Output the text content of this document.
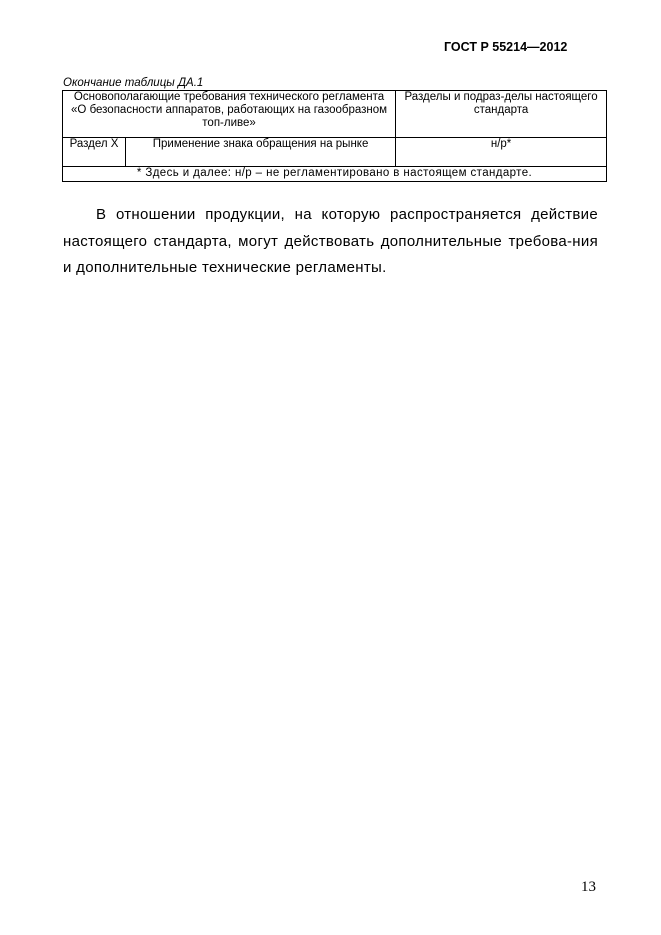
ГОСТ Р 55214—2012
Окончание таблицы ДА.1
Основополагающие требования технического регламента «О безопасности аппаратов, работающих на газообразном топ-ливе»		Разделы и подраз-делы настоящего стандарта
Раздел X	Применение знака обращения на рынке	н/р*
* Здесь и далее: н/р – не регламентировано в настоящем стандарте.		

В отношении продукции, на которую распространяется действие настоящего стандарта, могут действовать дополнительные требова-ния и дополнительные технические регламенты.

13
